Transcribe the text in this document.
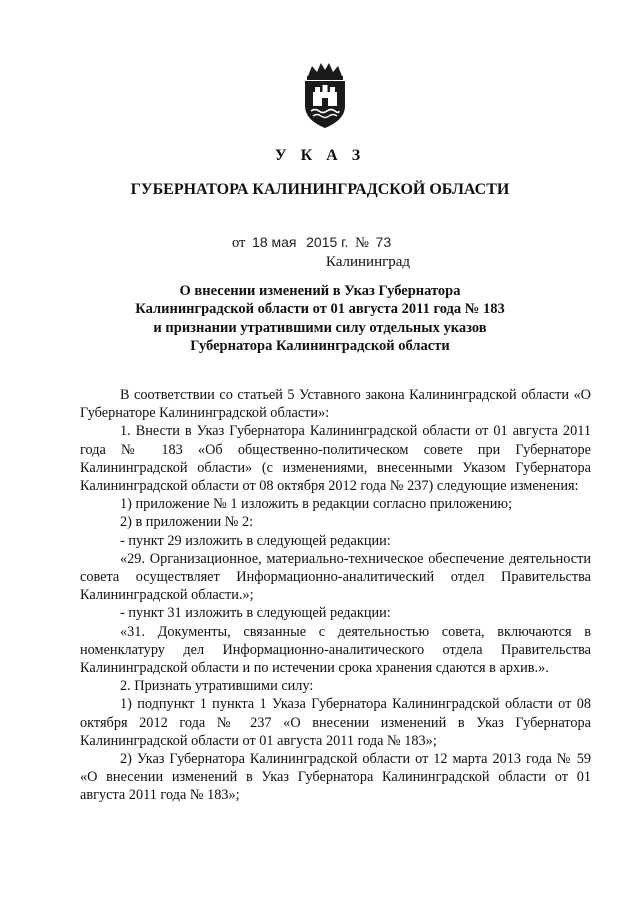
У К А З
ГУБЕРНАТОРА КАЛИНИНГРАДСКОЙ ОБЛАСТИ
от 18 мая 2015 г. № 73
Калининград
О внесении изменений в Указ Губернатора
Калининградской области от 01 августа 2011 года № 183
и признании утратившими силу отдельных указов
Губернатора Калининградской области

В соответствии со статьей 5 Уставного закона Калининградской области «О Губернаторе Калининградской области»:

1. Внести в Указ Губернатора Калининградской области от 01 августа 2011 года № 183 «Об общественно-политическом совете при Губернаторе Калининградской области» (с изменениями, внесенными Указом Губернатора Калининградской области от 08 октября 2012 года № 237) следующие изменения:

1) приложение № 1 изложить в редакции согласно приложению;

2) в приложении № 2:

- пункт 29 изложить в следующей редакции:

«29. Организационное, материально-техническое обеспечение деятельности совета осуществляет Информационно-аналитический отдел Правительства Калининградской области.»;

- пункт 31 изложить в следующей редакции:

«31. Документы, связанные с деятельностью совета, включаются в номенклатуру дел Информационно-аналитического отдела Правительства Калининградской области и по истечении срока хранения сдаются в архив.».

2. Признать утратившими силу:

1) подпункт 1 пункта 1 Указа Губернатора Калининградской области от 08 октября 2012 года № 237 «О внесении изменений в Указ Губернатора Калининградской области от 01 августа 2011 года № 183»;

2) Указ Губернатора Калининградской области от 12 марта 2013 года № 59 «О внесении изменений в Указ Губернатора Калининградской области от 01 августа 2011 года № 183»;
